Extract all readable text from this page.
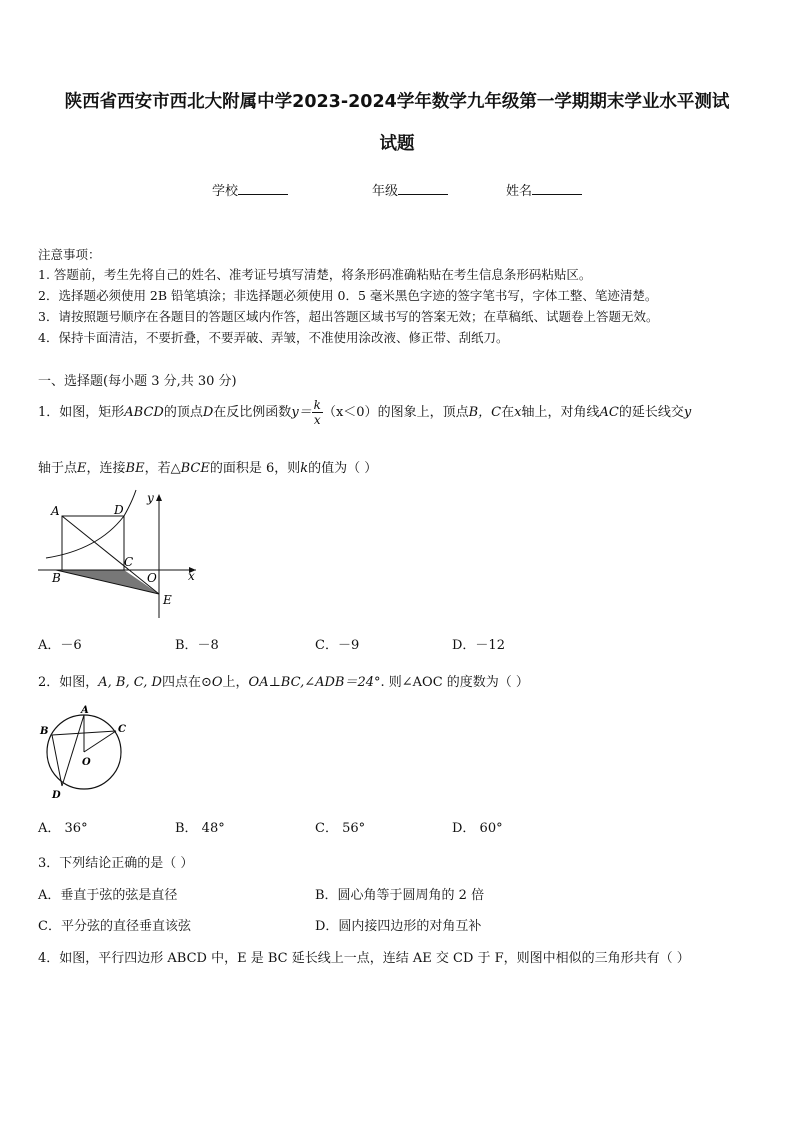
陕西省西安市西北大附属中学2023-2024学年数学九年级第一学期期末学业水平测试
试题
学校	年级	姓名
注意事项：
1. 答题前，考生先将自己的姓名、准考证号填写清楚，将条形码准确粘贴在考生信息条形码粘贴区。
2．选择题必须使用 2B 铅笔填涂；非选择题必须使用 0．5 毫米黑色字迹的签字笔书写，字体工整、笔迹清楚。
3．请按照题号顺序在各题目的答题区域内作答，超出答题区域书写的答案无效；在草稿纸、试题卷上答题无效。
4．保持卡面清洁，不要折叠，不要弄破、弄皱，不准使用涂改液、修正带、刮纸刀。
一、选择题(每小题 3 分,共 30 分)
1．如图，矩形ABCD的顶点D在反比例函数$y= \frac{k}{x} (x<0)$的图象上，顶点B，C在x轴上，对角线AC的延长线交y
轴于点E，连接BE，若△BCE的面积是 6，则k的值为（ ）
A	D
B
C
O
E
x
y
A．－6	B．－8	C．－9	D．－12
2．如图，A, B, C, D四点在⊙O上，OA⊥BC,∠ADB＝24°. 则∠AOC 的度数为（ ）
A
B	C
O
D
A． 36°	B． 48°	C． 56°	D． 60°
3．下列结论正确的是（ ）
A．垂直于弦的弦是直径	B．圆心角等于圆周角的 2 倍
C．平分弦的直径垂直该弦	D．圆内接四边形的对角互补
4．如图，平行四边形 ABCD 中，E 是 BC 延长线上一点，连结 AE 交 CD 于 F，则图中相似的三角形共有（ ）
